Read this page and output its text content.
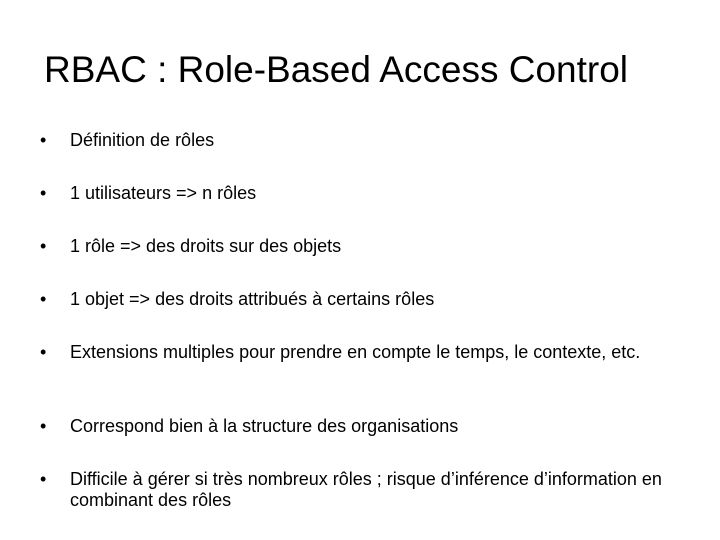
RBAC : Role-Based Access Control
•	Définition de rôles
•	1 utilisateurs => n rôles
•	1 rôle => des droits sur des objets
•	1 objet => des droits attribués à certains rôles
•	Extensions multiples pour prendre en compte le temps, le contexte, etc.
•	Correspond bien à la structure des organisations
•	Difficile à gérer si très nombreux rôles ; risque d’inférence d’information en combinant des rôles
